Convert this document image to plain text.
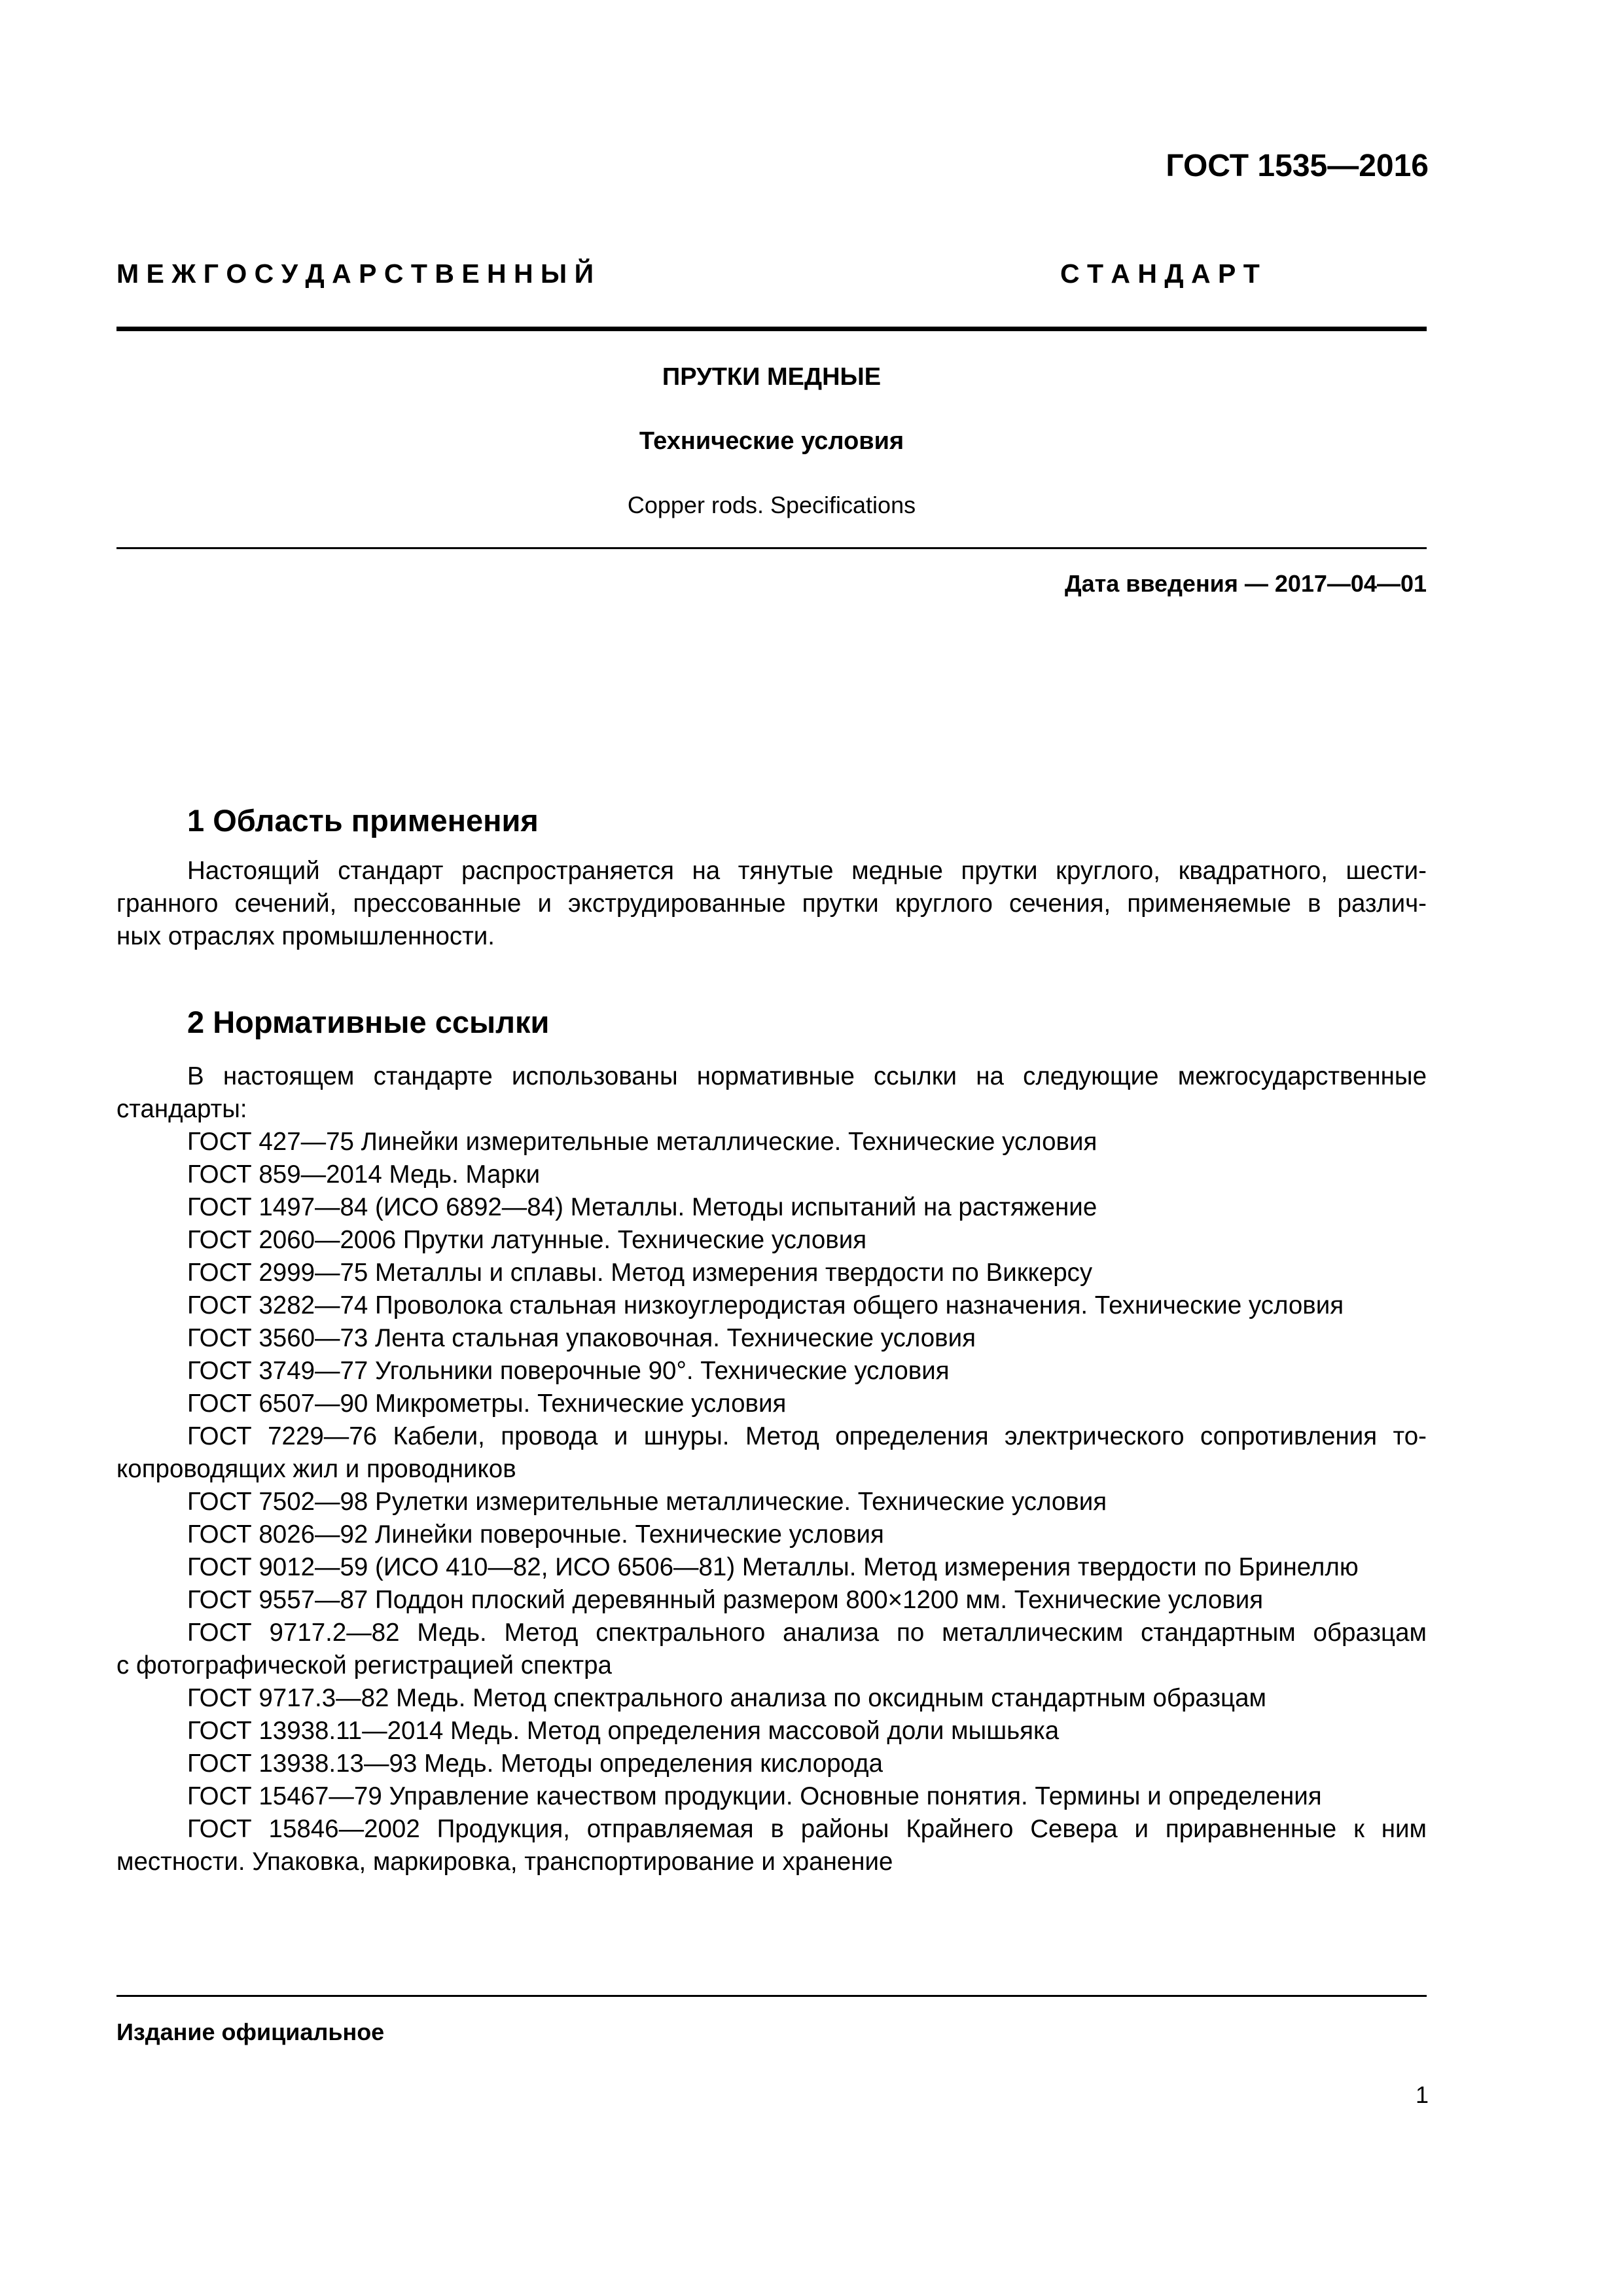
ГОСТ 1535—2016
М Е Ж Г О С У Д А Р С Т В Е Н Н Ы Й	С Т А Н Д А Р Т
ПРУТКИ МЕДНЫЕ
Технические условия
Copper rods. Specifications
Дата введения — 2017—04—01
1 Область применения
Настоящий стандарт распространяется на тянутые медные прутки круглого, квадратного, шести-
гранного сечений, прессованные и экструдированные прутки круглого сечения, применяемые в различ-
ных отраслях промышленности.
2 Нормативные ссылки
В настоящем стандарте использованы нормативные ссылки на следующие межгосударственные
стандарты:
ГОСТ 427—75 Линейки измерительные металлические. Технические условия
ГОСТ 859—2014 Медь. Марки
ГОСТ 1497—84 (ИСО 6892—84) Металлы. Методы испытаний на растяжение
ГОСТ 2060—2006 Прутки латунные. Технические условия
ГОСТ 2999—75 Металлы и сплавы. Метод измерения твердости по Виккерсу
ГОСТ 3282—74 Проволока стальная низкоуглеродистая общего назначения. Технические условия
ГОСТ 3560—73 Лента стальная упаковочная. Технические условия
ГОСТ 3749—77 Угольники поверочные 90°. Технические условия
ГОСТ 6507—90 Микрометры. Технические условия
ГОСТ 7229—76 Кабели, провода и шнуры. Метод определения электрического сопротивления то-
копроводящих жил и проводников
ГОСТ 7502—98 Рулетки измерительные металлические. Технические условия
ГОСТ 8026—92 Линейки поверочные. Технические условия
ГОСТ 9012—59 (ИСО 410—82, ИСО 6506—81) Металлы. Метод измерения твердости по Бринеллю
ГОСТ 9557—87 Поддон плоский деревянный размером 800×1200 мм. Технические условия
ГОСТ 9717.2—82 Медь. Метод спектрального анализа по металлическим стандартным образцам
с фотографической регистрацией спектра
ГОСТ 9717.3—82 Медь. Метод спектрального анализа по оксидным стандартным образцам
ГОСТ 13938.11—2014 Медь. Метод определения массовой доли мышьяка
ГОСТ 13938.13—93 Медь. Методы определения кислорода
ГОСТ 15467—79 Управление качеством продукции. Основные понятия. Термины и определения
ГОСТ 15846—2002 Продукция, отправляемая в районы Крайнего Севера и приравненные к ним
местности. Упаковка, маркировка, транспортирование и хранение
Издание официальное
1
